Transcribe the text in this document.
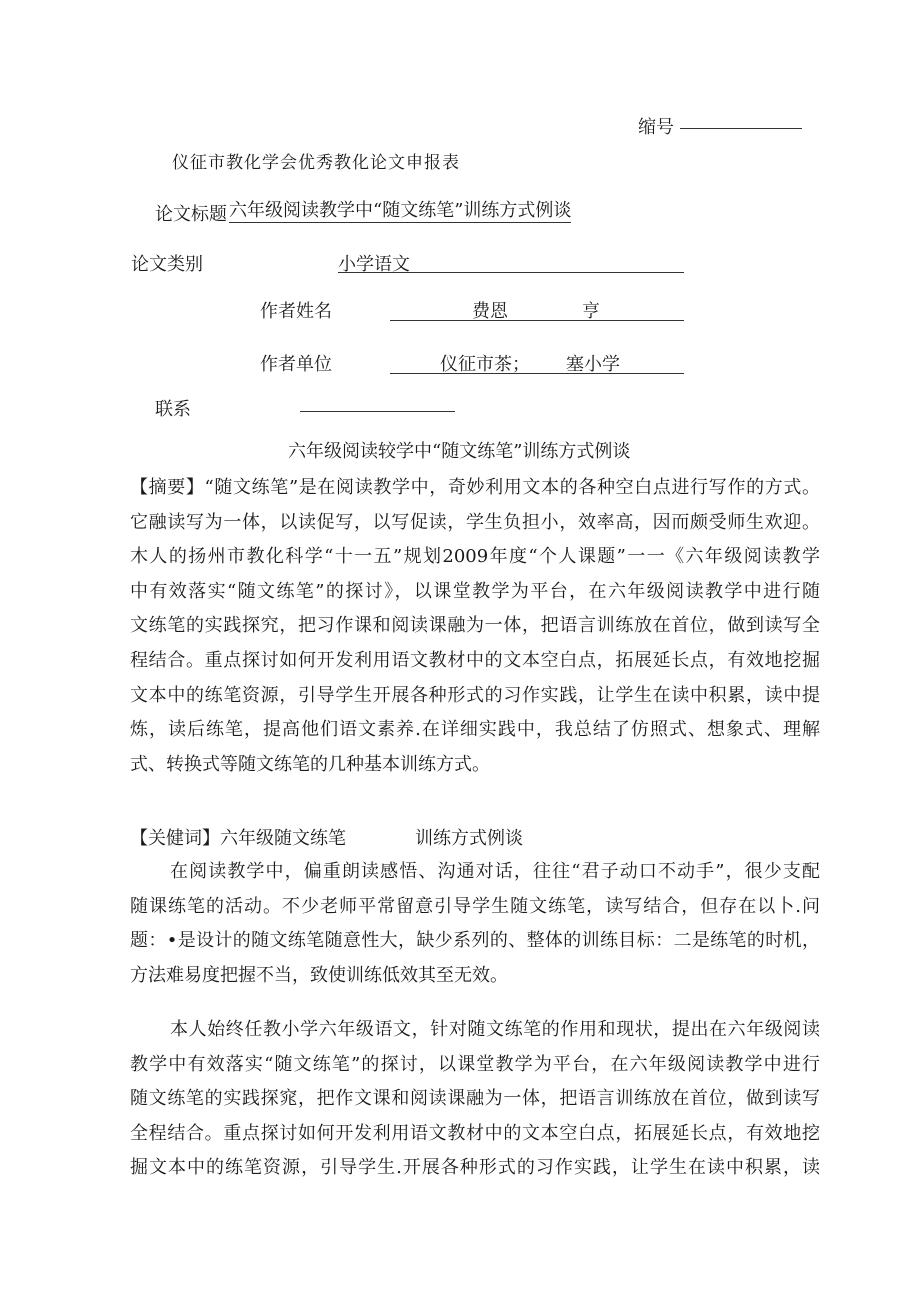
缩号
仪征市教化学会优秀教化论文申报表
论文标题 六年级阅读教学中“随文练笔”训练方式例谈
论文类别	小学语文
作者姓名	费恩	亨
作者单位	仪征市茶； 塞小学
联系
六年级阅读较学中“随文练笔”训练方式例谈
【摘要】“随文练笔”是在阅读教学中，奇妙利用文本的各种空白点进行写作的方式。
它融读写为一体，以读促写，以写促读，学生负担小，效率高，因而颇受师生欢迎。
木人的扬州市教化科学“十一五”规划2009年度“个人课题”一一《六年级阅读教学
中有效落实“随文练笔”的探讨》，以课堂教学为平台，在六年级阅读教学中进行随
文练笔的实践探究，把习作课和阅读课融为一体，把语言训练放在首位，做到读写全
程结合。重点探讨如何开发利用语文教材中的文本空白点，拓展延长点，有效地挖掘
文本中的练笔资源，引导学生开展各种形式的习作实践，让学生在读中积累，读中提
炼，读后练笔，提高他们语文素养.在详细实践中，我总结了仿照式、想象式、理解
式、转换式等随文练笔的几种基本训练方式。
【关健词】六年级随文练笔	训练方式例谈
在阅读教学中，偏重朗读感悟、沟通对话，往往“君子动口不动手”，很少支配
随课练笔的活动。不少老师平常留意引导学生随文练笔，读写结合，但存在以卜.问
题：•是设计的随文练笔随意性大，缺少系列的、整体的训练目标：二是练笔的时机，
方法难易度把握不当，致使训练低效其至无效。
本人始终任教小学六年级语文，针对随文练笔的作用和现状，提出在六年级阅读
教学中有效落实“随文练笔”的探讨，以课堂教学为平台，在六年级阅读教学中进行
随文练笔的实践探窕，把作文课和阅读课融为一体，把语言训练放在首位，做到读写
全程结合。重点探讨如何开发利用语文教材中的文本空白点，拓展延长点，有效地挖
掘文本中的练笔资源，引导学生.开展各种形式的习作实践，让学生在读中积累，读
